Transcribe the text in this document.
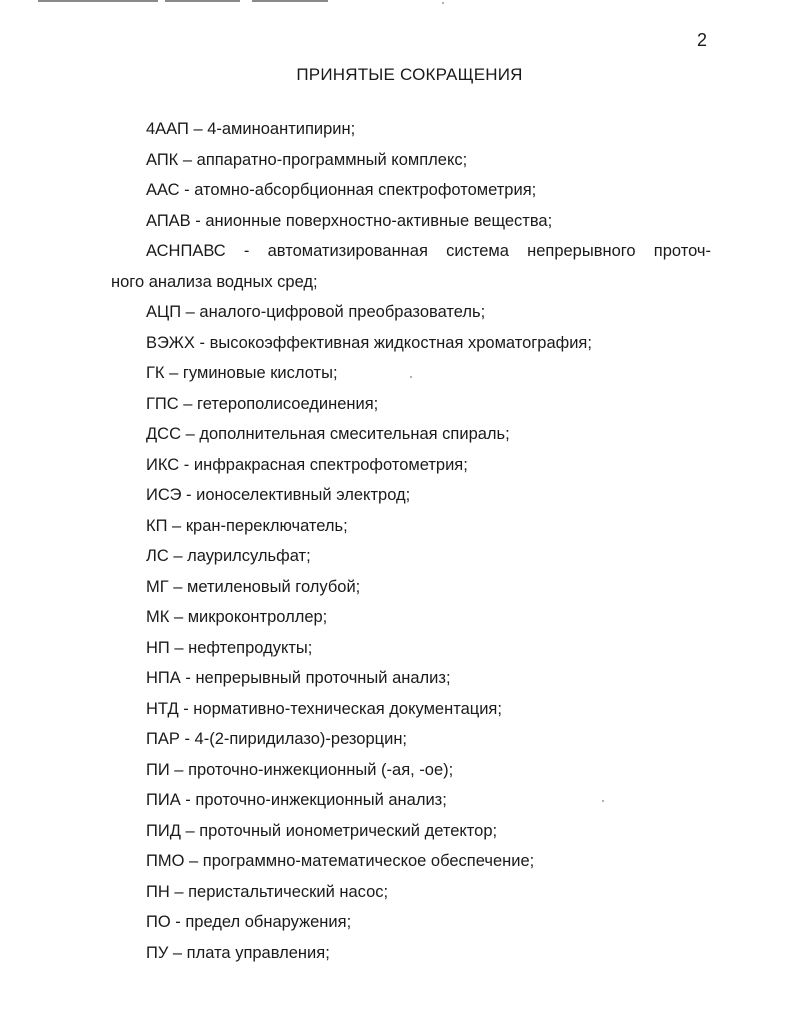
2
ПРИНЯТЫЕ СОКРАЩЕНИЯ

4ААП – 4-аминоантипирин;

АПК – аппаратно-программный комплекс;

ААС - атомно-абсорбционная спектрофотометрия;

АПАВ - анионные поверхностно-активные вещества;

АСНПАВС - автоматизированная система непрерывного проточ-
ного анализа водных сред;

АЦП – аналого-цифровой преобразователь;

ВЭЖХ - высокоэффективная жидкостная хроматография;

ГК – гуминовые кислоты;

ГПС – гетерополисоединения;

ДСС – дополнительная смесительная спираль;

ИКС - инфракрасная спектрофотометрия;

ИСЭ - ионоселективный электрод;

КП – кран-переключатель;

ЛС – лаурилсульфат;

МГ – метиленовый голубой;

МК – микроконтроллер;

НП – нефтепродукты;

НПА - непрерывный проточный анализ;

НТД - нормативно-техническая документация;

ПАР - 4-(2-пиридилазо)-резорцин;

ПИ – проточно-инжекционный (-ая, -ое);

ПИА - проточно-инжекционный анализ;

ПИД – проточный ионометрический детектор;

ПМО – программно-математическое обеспечение;

ПН – перистальтический насос;

ПО - предел обнаружения;

ПУ – плата управления;
